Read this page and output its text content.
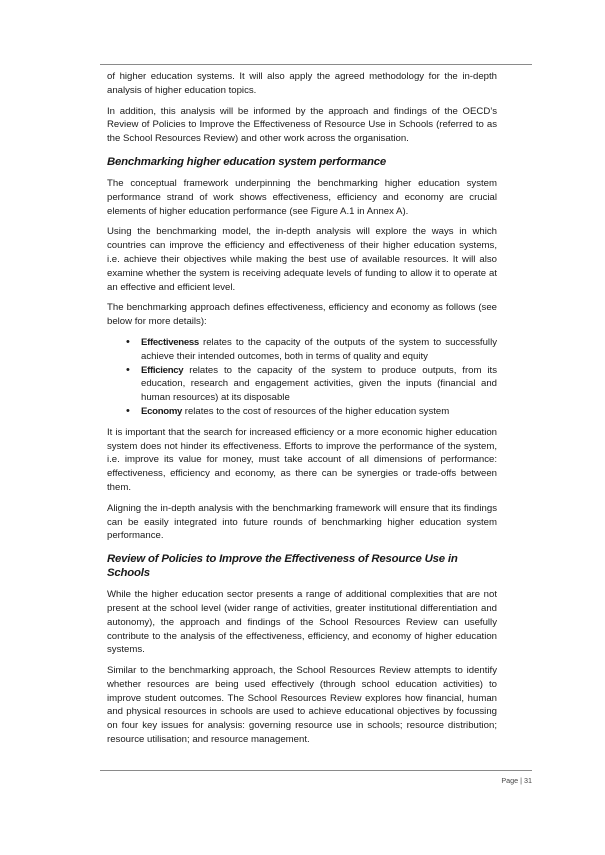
of higher education systems. It will also apply the agreed methodology for the in-depth analysis of higher education topics.

In addition, this analysis will be informed by the approach and findings of the OECD’s Review of Policies to Improve the Effectiveness of Resource Use in Schools (referred to as the School Resources Review) and other work across the organisation.

Benchmarking higher education system performance

The conceptual framework underpinning the benchmarking higher education system performance strand of work shows effectiveness, efficiency and economy are crucial elements of higher education performance (see Figure A.1 in Annex A).

Using the benchmarking model, the in-depth analysis will explore the ways in which countries can improve the efficiency and effectiveness of their higher education systems, i.e. achieve their objectives while making the best use of available resources. It will also examine whether the system is receiving adequate levels of funding to allow it to operate at an effective and efficient level.

The benchmarking approach defines effectiveness, efficiency and economy as follows (see below for more details):

• Effectiveness relates to the capacity of the outputs of the system to successfully achieve their intended outcomes, both in terms of quality and equity
• Efficiency relates to the capacity of the system to produce outputs, from its education, research and engagement activities, given the inputs (financial and human resources) at its disposable
• Economy relates to the cost of resources of the higher education system

It is important that the search for increased efficiency or a more economic higher education system does not hinder its effectiveness. Efforts to improve the performance of the system, i.e. improve its value for money, must take account of all dimensions of performance: effectiveness, efficiency and economy, as there can be synergies or trade-offs between them.

Aligning the in-depth analysis with the benchmarking framework will ensure that its findings can be easily integrated into future rounds of benchmarking higher education system performance.

Review of Policies to Improve the Effectiveness of Resource Use in Schools

While the higher education sector presents a range of additional complexities that are not present at the school level (wider range of activities, greater institutional differentiation and autonomy), the approach and findings of the School Resources Review can usefully contribute to the analysis of the effectiveness, efficiency, and economy of higher education systems.

Similar to the benchmarking approach, the School Resources Review attempts to identify whether resources are being used effectively (through school education activities) to improve student outcomes. The School Resources Review explores how financial, human and physical resources in schools are used to achieve educational objectives by focussing on four key issues for analysis: governing resource use in schools; resource distribution; resource utilisation; and resource management.

Page | 31
